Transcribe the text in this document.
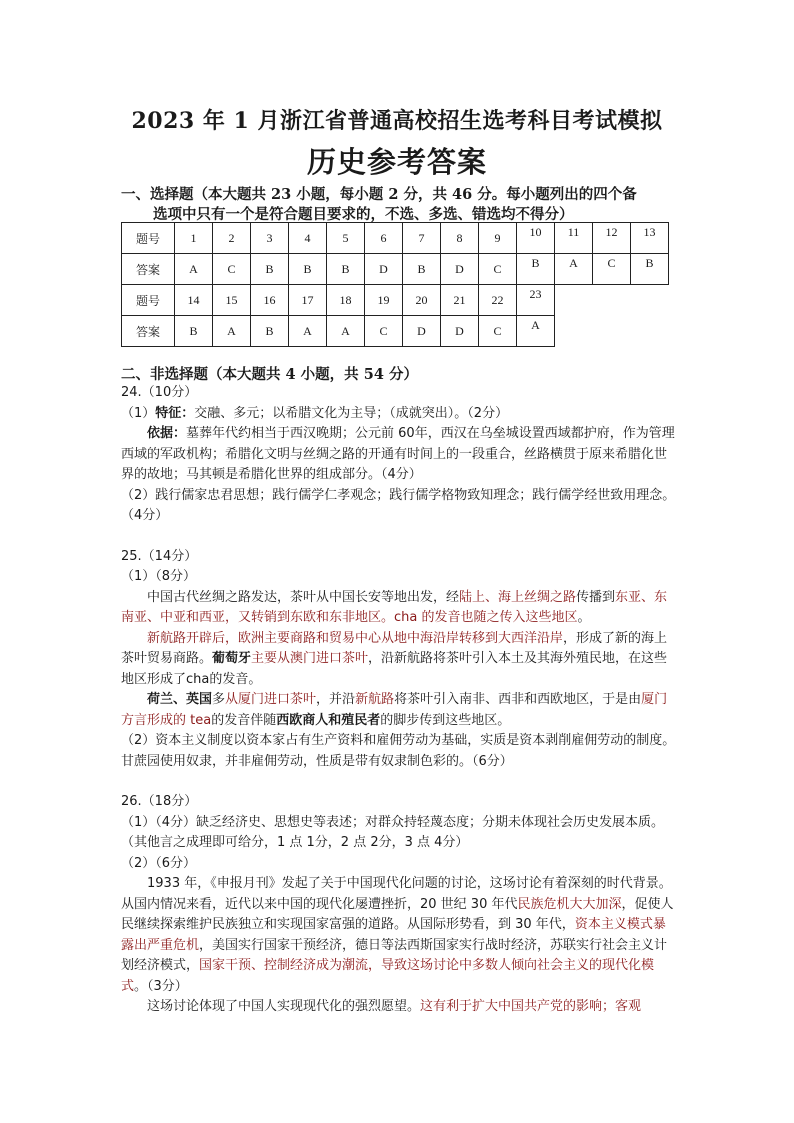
2023 年 1 月浙江省普通高校招生选考科目考试模拟
历史参考答案
一、选择题（本大题共 23 小题，每小题 2 分，共 46 分。每小题列出的四个备
选项中只有一个是符合题目要求的，不选、多选、错选均不得分）
题号	1	2	3	4	5	6	7	8	9	10	11	12	13
答案	A	C	B	B	B	D	B	D	C	B	A	C	B
题号	14	15	16	17	18	19	20	21	22	23			
答案	B	A	B	A	A	C	D	D	C	A			
二、非选择题（本大题共 4 小题，共 54 分）

24.（10分）

（1）特征：交融、多元；以希腊文化为主导；（成就突出）。（2分）

依据：墓葬年代约相当于西汉晚期；公元前 60年，西汉在乌垒城设置西域都护府，作为管理西域的军政机构；希腊化文明与丝绸之路的开通有时间上的一段重合，丝路横贯于原来希腊化世界的故地；马其顿是希腊化世界的组成部分。（4分）

（2）践行儒家忠君思想；践行儒学仁孝观念；践行儒学格物致知理念；践行儒学经世致用理念。（4分）

25.（14分）

（1）（8分）

中国古代丝绸之路发达，茶叶从中国长安等地出发，经陆上、海上丝绸之路传播到东亚、东南亚、中亚和西亚，又转销到东欧和东非地区。cha 的发音也随之传入这些地区。

新航路开辟后，欧洲主要商路和贸易中心从地中海沿岸转移到大西洋沿岸，形成了新的海上茶叶贸易商路。葡萄牙主要从澳门进口茶叶，沿新航路将茶叶引入本土及其海外殖民地，在这些地区形成了cha的发音。

荷兰、英国多从厦门进口茶叶，并沿新航路将茶叶引入南非、西非和西欧地区，于是由厦门方言形成的 tea的发音伴随西欧商人和殖民者的脚步传到这些地区。

（2）资本主义制度以资本家占有生产资料和雇佣劳动为基础，实质是资本剥削雇佣劳动的制度。甘蔗园使用奴隶，并非雇佣劳动，性质是带有奴隶制色彩的。（6分）

26.（18分）

（1）（4分）缺乏经济史、思想史等表述；对群众持轻蔑态度；分期未体现社会历史发展本质。（其他言之成理即可给分，1 点 1分，2 点 2分，3 点 4分）

（2）（6分）

1933 年，《申报月刊》发起了关于中国现代化问题的讨论，这场讨论有着深刻的时代背景。从国内情况来看，近代以来中国的现代化屡遭挫折，20 世纪 30 年代民族危机大大加深，促使人民继续探索维护民族独立和实现国家富强的道路。从国际形势看，到 30 年代，资本主义模式暴露出严重危机，美国实行国家干预经济，德日等法西斯国家实行战时经济，苏联实行社会主义计划经济模式，国家干预、控制经济成为潮流，导致这场讨论中多数人倾向社会主义的现代化模式。（3分）

这场讨论体现了中国人实现现代化的强烈愿望。这有利于扩大中国共产党的影响；客观
